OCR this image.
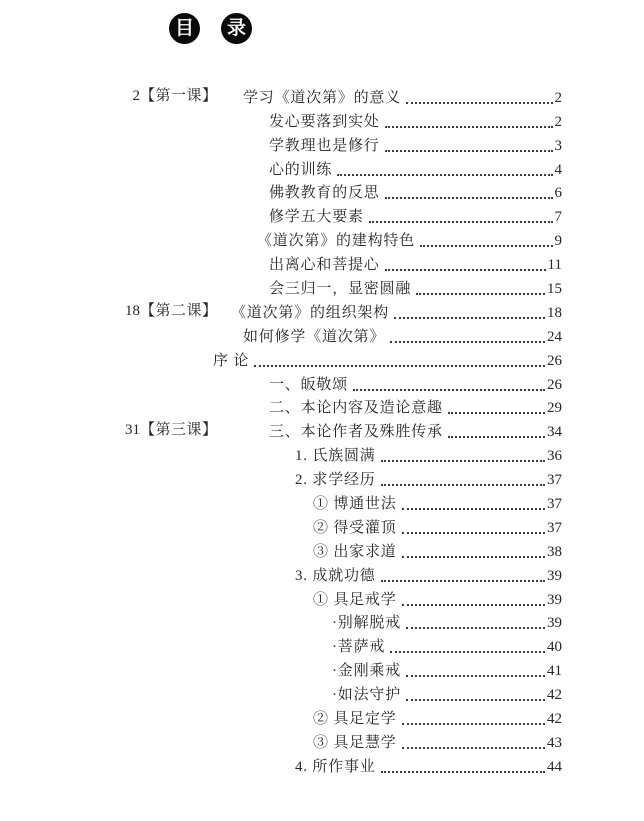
目 录
2【第一课】 学习《道次第》的意义	2
发心要落到实处	2
学教理也是修行	3
心的训练	4
佛教教育的反思	6
修学五大要素	7
《道次第》的建构特色	9
出离心和菩提心	11
会三归一，显密圆融	15
18【第二课】 《道次第》的组织架构	18
如何修学《道次第》	24
序 论	26
一、皈敬颂	26
二、本论内容及造论意趣	29
31【第三课】	三、本论作者及殊胜传承	34
1. 氏族圆满	36
2. 求学经历	37
① 博通世法	37
② 得受灌顶	37
③ 出家求道	38
3. 成就功德	39
① 具足戒学	39
·别解脱戒	39
·菩萨戒	40
·金刚乘戒	41
·如法守护	42
② 具足定学	42
③ 具足慧学	43
4. 所作事业	44
